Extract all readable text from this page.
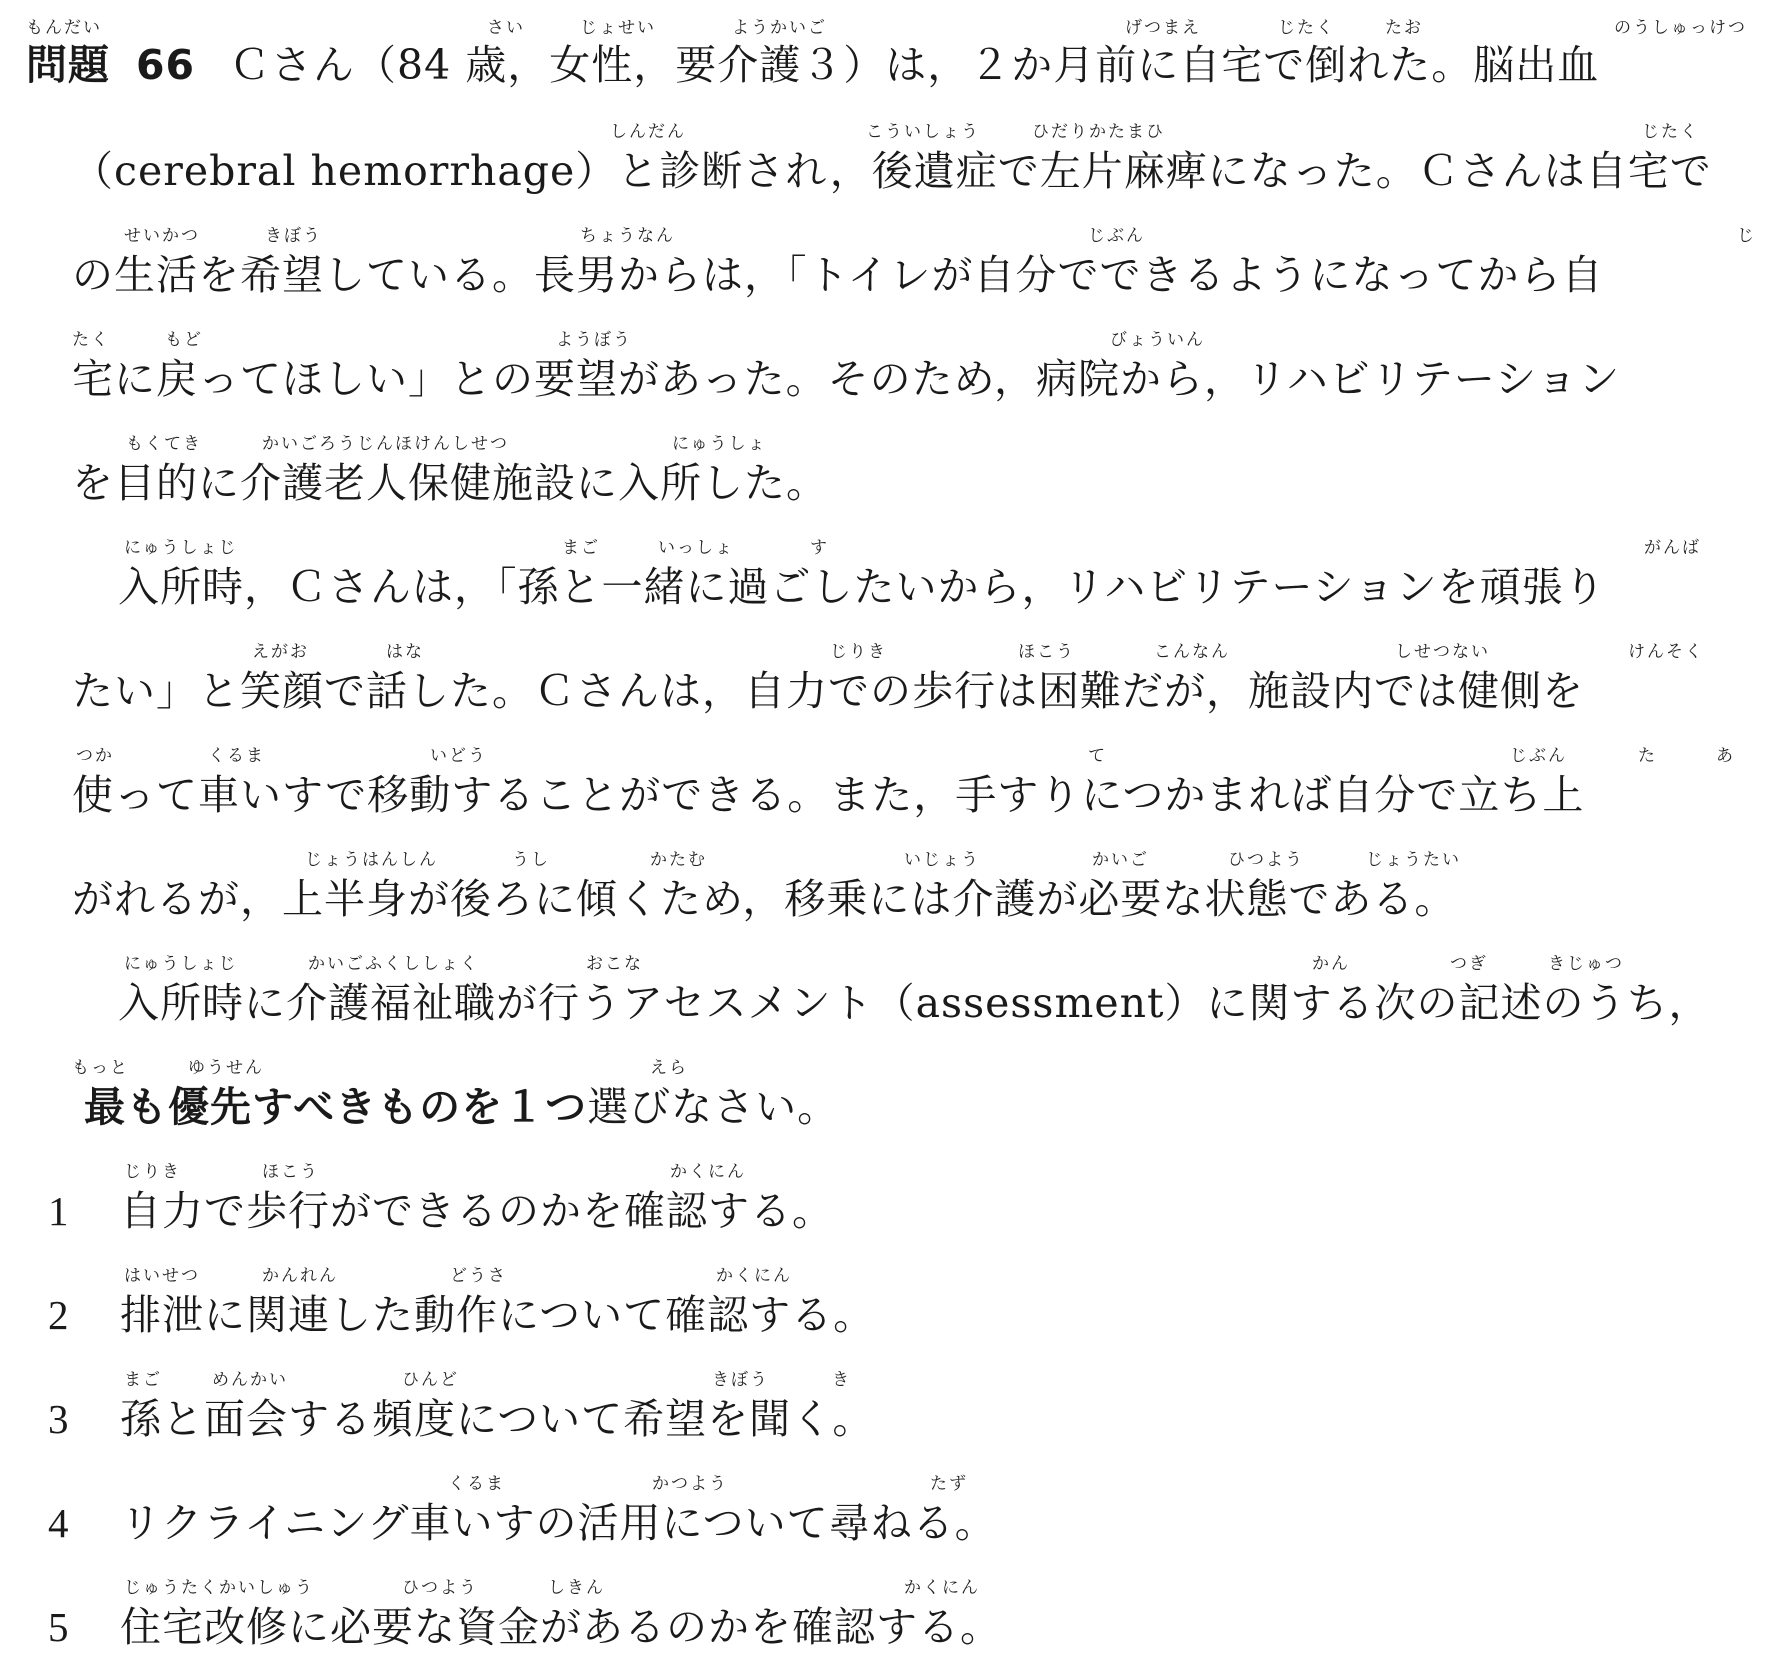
もんだい	さい	じょせい	ようかいご	げつまえ	じたく	たお	のうしゅっけつ
問題 66 Ｃさん（84 歳，女性，要介護３）は，２か月前に自宅で倒れた。脳出血
しんだん	こういしょう	ひだりかたまひ	じたく
（cerebral hemorrhage）と診断され，後遺症で左片麻痺になった。Ｃさんは自宅で
せいかつ	きぼう	ちょうなん	じぶん	じ
の生活を希望している。長男からは，「トイレが自分でできるようになってから自
たく	もど	ようぼう	びょういん
宅に戻ってほしい」との要望があった。そのため，病院から，リハビリテーション
もくてき	かいごろうじんほけんしせつ	にゅうしょ
を目的に介護老人保健施設に入所した。
にゅうしょじ	まご	いっしょ	す	がんば
入所時，Ｃさんは，「孫と一緒に過ごしたいから，リハビリテーションを頑張り
えがお	はな	じりき	ほこう	こんなん	しせつない	けんそく
たい」と笑顔で話した。Ｃさんは，自力での歩行は困難だが，施設内では健側を
つか	くるま	いどう	て	じぶん	た	あ
使って車いすで移動することができる。また，手すりにつかまれば自分で立ち上
じょうはんしん	うし	かたむ	いじょう	かいご	ひつよう	じょうたい
がれるが，上半身が後ろに傾くため，移乗には介護が必要な状態である。
にゅうしょじ	かいごふくししょく	おこな	かん	つぎ	きじゅつ
入所時に介護福祉職が行うアセスメント（assessment）に関する次の記述のうち，
もっと	ゆうせん	えら
最も優先すべきものを１つ選びなさい。
じりき	ほこう	かくにん
1 自力で歩行ができるのかを確認する。
はいせつ	かんれん	どうさ	かくにん
2 排泄に関連した動作について確認する。
まご	めんかい	ひんど	きぼう	き
3 孫と面会する頻度について希望を聞く。
くるま	かつよう	たず
4 リクライニング車いすの活用について尋ねる。
じゅうたくかいしゅう	ひつよう	しきん	かくにん
5 住宅改修に必要な資金があるのかを確認する。
